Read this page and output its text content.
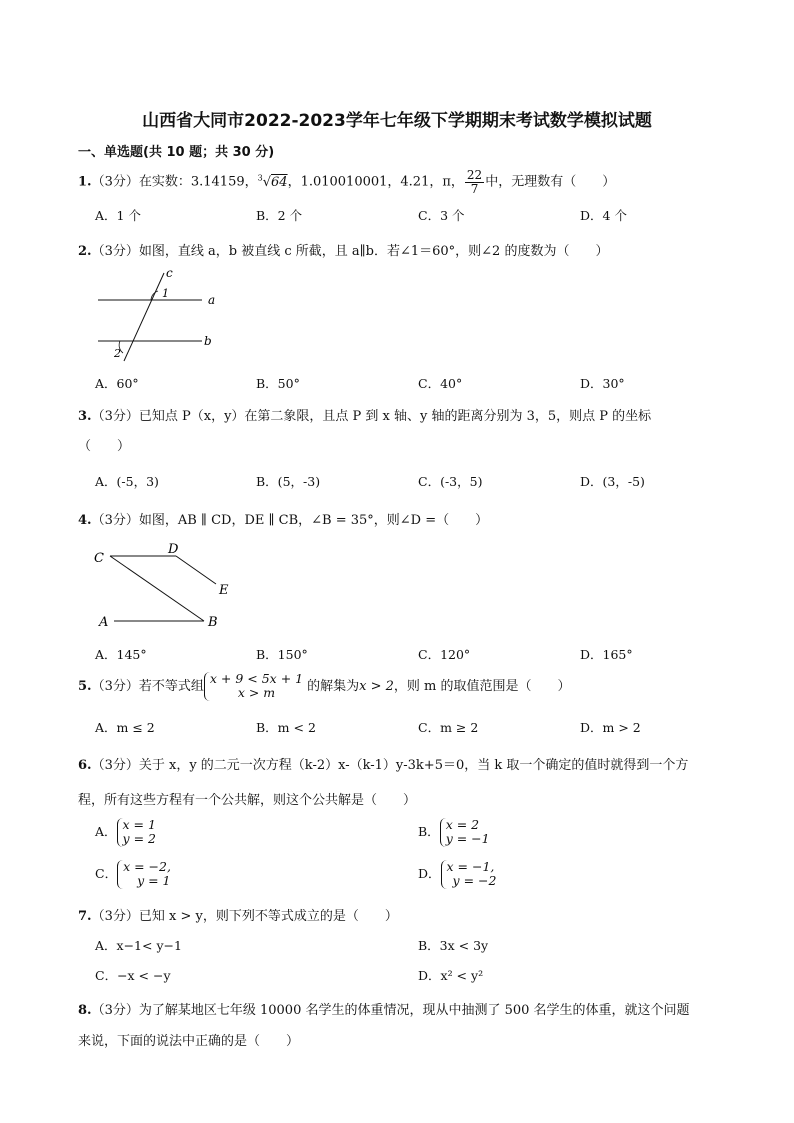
山西省大同市2022-2023学年七年级下学期期末考试数学模拟试题
一、单选题(共 10 题；共 30 分)
1.（3分）在实数：3.14159，$^3$√64，1.010010001，4.21，π， $\frac{22}{7}$ 中，无理数有（　　）
A．1 个	B．2 个	C．3 个	D．4 个
2.（3分）如图，直线 a，b 被直线 c 所截，且 a∥b．若∠1＝60°，则∠2 的度数为（　　）
c
1	a
b
2
A．60°	B．50°	C．40°	D．30°
3.（3分）已知点 P（x，y）在第二象限，且点 P 到 x 轴、y 轴的距离分别为 3，5，则点 P 的坐标
（　　）
A．(-5，3)	B．(5，-3)	C．(-3，5)	D．(3，-5)
4.（3分）如图，AB ∥ CD，DE ∥ CB，∠B = 35°，则∠D =（　　）
C
D
E
A	B
A．145°	B．150°	C．120°	D．165°
5.（3分）若不等式组
x + 9 < 5x + 1
x > m	的解集为x > 2，则 m 的取值范围是（　　）
A．m ≤ 2	B．m < 2	C．m ≥ 2	D．m > 2
6.（3分）关于 x，y 的二元一次方程（k-2）x-（k-1）y-3k+5＝0，当 k 取一个确定的值时就得到一个方
程，所有这些方程有一个公共解，则这个公共解是（　　）
A． x = 1
y = 2	B． x = 2
y = −1
C． x = −2,
y = 1	D． x = −1,
y = −2
7.（3分）已知 x > y，则下列不等式成立的是（　　）
A．x−1< y−1	B．3x < 3y
C．−x < −y	D．x² < y²
8.（3分）为了解某地区七年级 10000 名学生的体重情况，现从中抽测了 500 名学生的体重，就这个问题
来说，下面的说法中正确的是（　　）
